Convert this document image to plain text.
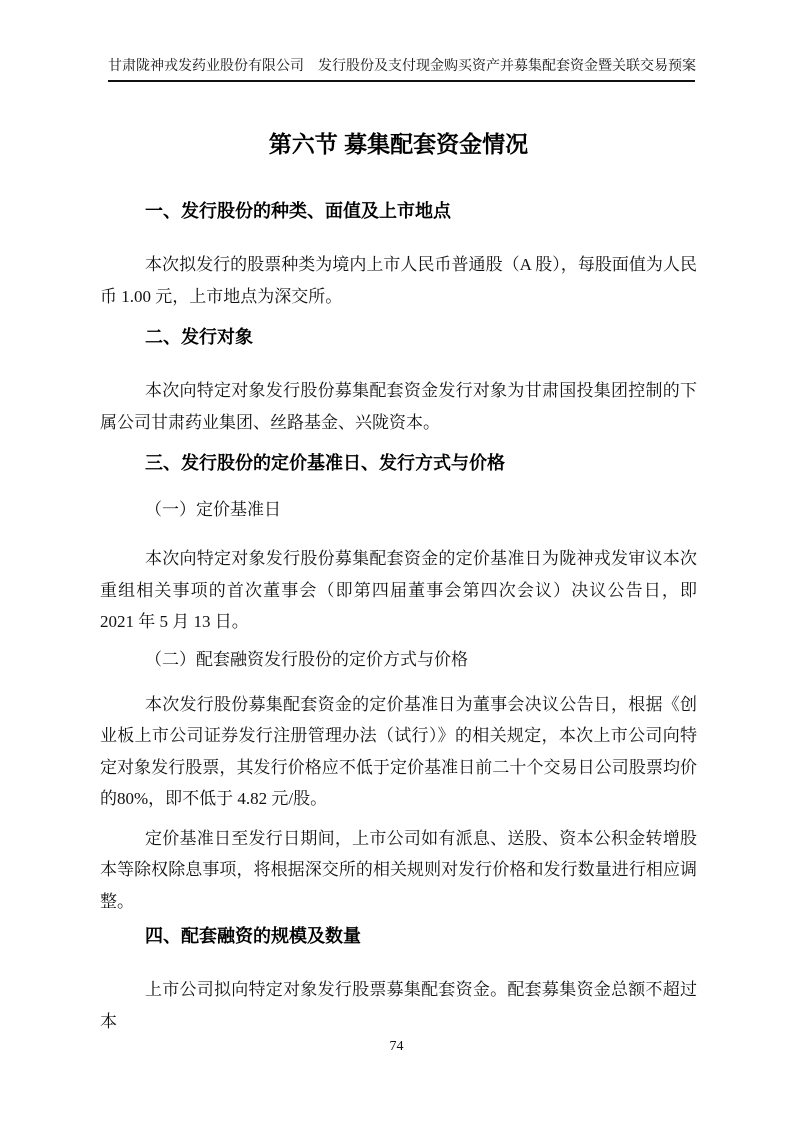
甘肃陇神戎发药业股份有限公司　发行股份及支付现金购买资产并募集配套资金暨关联交易预案
第六节 募集配套资金情况
一、发行股份的种类、面值及上市地点

本次拟发行的股票种类为境内上市人民币普通股（A 股），每股面值为人民币 1.00 元，上市地点为深交所。

二、发行对象

本次向特定对象发行股份募集配套资金发行对象为甘肃国投集团控制的下属公司甘肃药业集团、丝路基金、兴陇资本。

三、发行股份的定价基准日、发行方式与价格
（一）定价基准日

本次向特定对象发行股份募集配套资金的定价基准日为陇神戎发审议本次重组相关事项的首次董事会（即第四届董事会第四次会议）决议公告日，即 2021 年 5 月 13 日。

（二）配套融资发行股份的定价方式与价格

本次发行股份募集配套资金的定价基准日为董事会决议公告日，根据《创业板上市公司证券发行注册管理办法（试行）》的相关规定，本次上市公司向特定对象发行股票，其发行价格应不低于定价基准日前二十个交易日公司股票均价的80%，即不低于 4.82 元/股。

定价基准日至发行日期间，上市公司如有派息、送股、资本公积金转增股本等除权除息事项，将根据深交所的相关规则对发行价格和发行数量进行相应调整。

四、配套融资的规模及数量

上市公司拟向特定对象发行股票募集配套资金。配套募集资金总额不超过本

74
